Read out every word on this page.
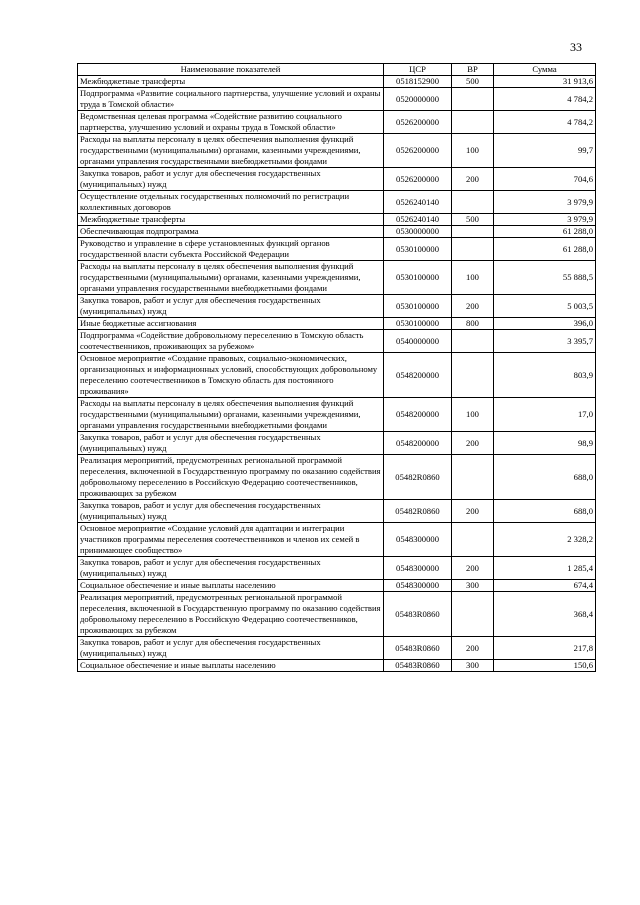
33
Наименование показателей	ЦСР	ВР	Сумма
Межбюджетные трансферты	0518152900	500	31 913,6
Подпрограмма «Развитие социального партнерства, улучшение условий и охраны труда в Томской области»	0520000000		4 784,2
Ведомственная целевая программа «Содействие развитию социального партнерства, улучшению условий и охраны труда в Томской области»	0526200000		4 784,2
Расходы на выплаты персоналу в целях обеспечения выполнения функций государственными (муниципальными) органами, казенными учреждениями, органами управления государственными внебюджетными фондами	0526200000	100	99,7
Закупка товаров, работ и услуг для обеспечения государственных (муниципальных) нужд	0526200000	200	704,6
Осуществление отдельных государственных полномочий по регистрации коллективных договоров	0526240140		3 979,9
Межбюджетные трансферты	0526240140	500	3 979,9
Обеспечивающая подпрограмма	0530000000		61 288,0
Руководство и управление в сфере установленных функций органов государственной власти субъекта Российской Федерации	0530100000		61 288,0
Расходы на выплаты персоналу в целях обеспечения выполнения функций государственными (муниципальными) органами, казенными учреждениями, органами управления государственными внебюджетными фондами	0530100000	100	55 888,5
Закупка товаров, работ и услуг для обеспечения государственных (муниципальных) нужд	0530100000	200	5 003,5
Иные бюджетные ассигнования	0530100000	800	396,0
Подпрограмма «Содействие добровольному переселению в Томскую область соотечественников, проживающих за рубежом»	0540000000		3 395,7
Основное мероприятие «Создание правовых, социально-экономических, организационных и информационных условий, способствующих добровольному переселению соотечественников в Томскую область для постоянного проживания»	0548200000		803,9
Расходы на выплаты персоналу в целях обеспечения выполнения функций государственными (муниципальными) органами, казенными учреждениями, органами управления государственными внебюджетными фондами	0548200000	100	17,0
Закупка товаров, работ и услуг для обеспечения государственных (муниципальных) нужд	0548200000	200	98,9
Реализация мероприятий, предусмотренных региональной программой переселения, включенной в Государственную программу по оказанию содействия добровольному переселению в Российскую Федерацию соотечественников, проживающих за рубежом	05482R0860		688,0
Закупка товаров, работ и услуг для обеспечения государственных (муниципальных) нужд	05482R0860	200	688,0
Основное мероприятие «Создание условий для адаптации и интеграции участников программы переселения соотечественников и членов их семей в принимающее сообщество»	0548300000		2 328,2
Закупка товаров, работ и услуг для обеспечения государственных (муниципальных) нужд	0548300000	200	1 285,4
Социальное обеспечение и иные выплаты населению	0548300000	300	674,4
Реализация мероприятий, предусмотренных региональной программой переселения, включенной в Государственную программу по оказанию содействия добровольному переселению в Российскую Федерацию соотечественников, проживающих за рубежом	05483R0860		368,4
Закупка товаров, работ и услуг для обеспечения государственных (муниципальных) нужд	05483R0860	200	217,8
Социальное обеспечение и иные выплаты населению	05483R0860	300	150,6
